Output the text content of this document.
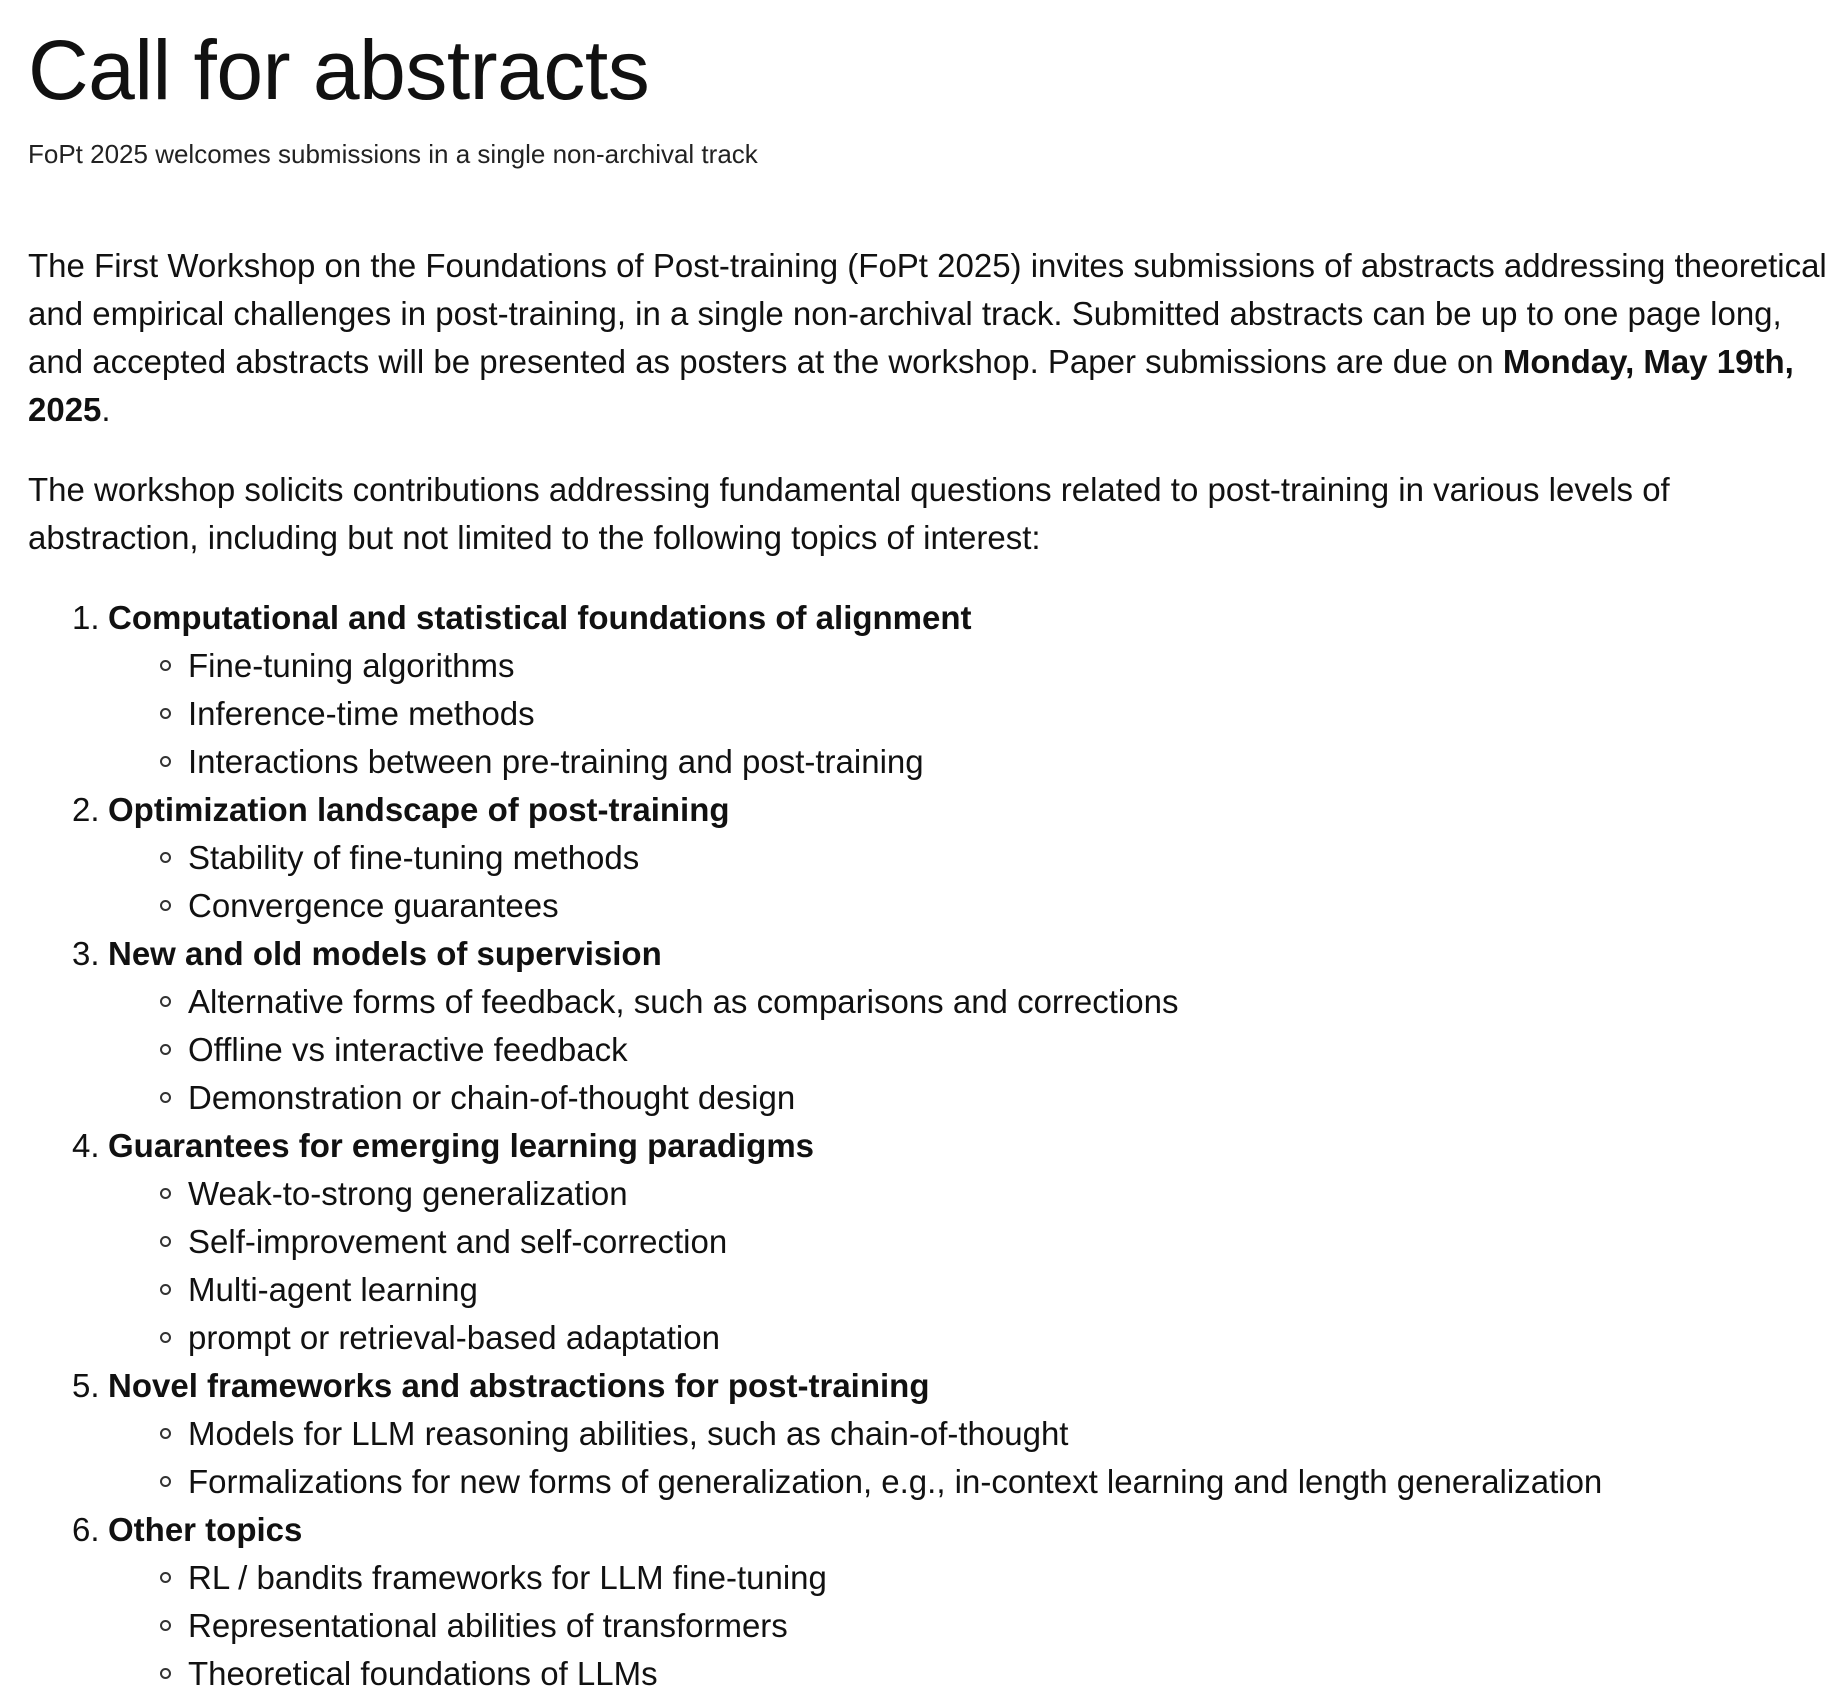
Call for abstracts

FoPt 2025 welcomes submissions in a single non-archival track

The First Workshop on the Foundations of Post-training (FoPt 2025) invites submissions of abstracts addressing theoretical and empirical challenges in post-training, in a single non-archival track. Submitted abstracts can be up to one page long, and accepted abstracts will be presented as posters at the workshop. Paper submissions are due on Monday, May 19th, 2025.

The workshop solicits contributions addressing fundamental questions related to post-training in various levels of abstraction, including but not limited to the following topics of interest:

1. Computational and statistical foundations of alignment
Fine-tuning algorithms
Inference-time methods
Interactions between pre-training and post-training
2. Optimization landscape of post-training
Stability of fine-tuning methods
Convergence guarantees
3. New and old models of supervision
Alternative forms of feedback, such as comparisons and corrections
Offline vs interactive feedback
Demonstration or chain-of-thought design
4. Guarantees for emerging learning paradigms
Weak-to-strong generalization
Self-improvement and self-correction
Multi-agent learning
prompt or retrieval-based adaptation
5. Novel frameworks and abstractions for post-training
Models for LLM reasoning abilities, such as chain-of-thought
Formalizations for new forms of generalization, e.g., in-context learning and length generalization
6. Other topics
RL / bandits frameworks for LLM fine-tuning
Representational abilities of transformers
Theoretical foundations of LLMs
